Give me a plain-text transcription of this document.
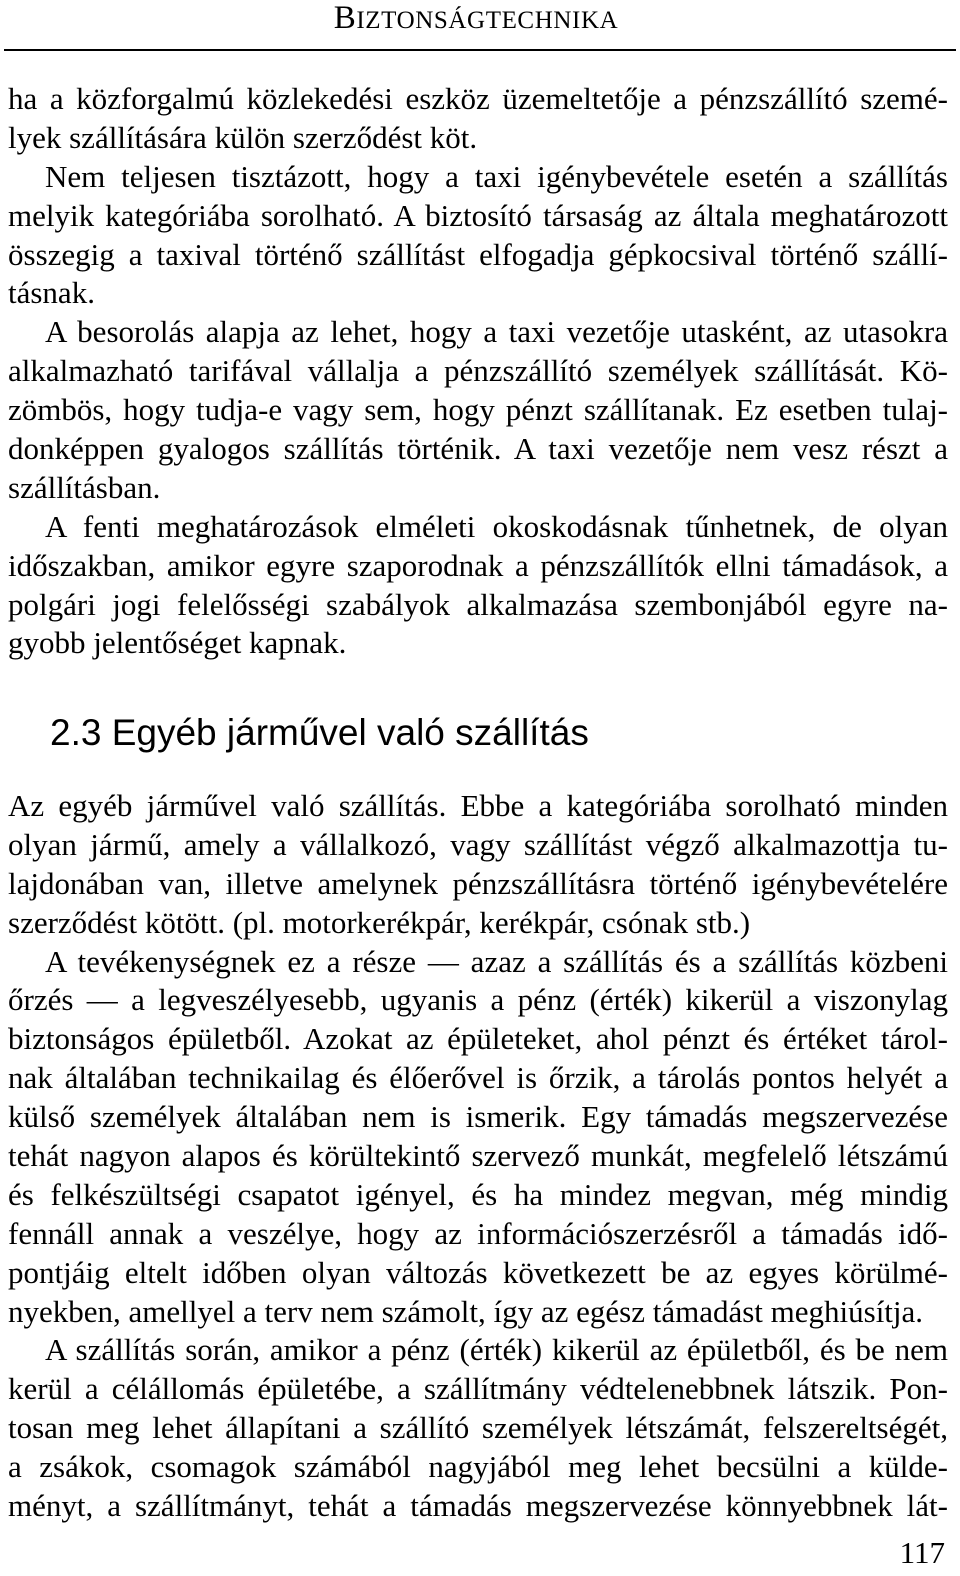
BIZTONSÁGTECHNIKA
ha a közforgalmú közlekedési eszköz üzemeltetője a pénzszállító szemé-
lyek szállítására külön szerződést köt.
Nem teljesen tisztázott, hogy a taxi igénybevétele esetén a szállítás
melyik kategóriába sorolható. A biztosító társaság az általa meghatározott
összegig a taxival történő szállítást elfogadja gépkocsival történő szállí-
tásnak.
A besorolás alapja az lehet, hogy a taxi vezetője utasként, az utasokra
alkalmazható tarifával vállalja a pénzszállító személyek szállítását. Kö-
zömbös, hogy tudja-e vagy sem, hogy pénzt szállítanak. Ez esetben tulaj-
donképpen gyalogos szállítás történik. A taxi vezetője nem vesz részt a
szállításban.
A fenti meghatározások elméleti okoskodásnak tűnhetnek, de olyan
időszakban, amikor egyre szaporodnak a pénzszállítók ellni támadások, a
polgári jogi felelősségi szabályok alkalmazása szembonjából egyre na-
gyobb jelentőséget kapnak.
2.3 Egyéb járművel való szállítás
Az egyéb járművel való szállítás. Ebbe a kategóriába sorolható minden
olyan jármű, amely a vállalkozó, vagy szállítást végző alkalmazottja tu-
lajdonában van, illetve amelynek pénzszállításra történő igénybevételére
szerződést kötött. (pl. motorkerékpár, kerékpár, csónak stb.)
A tevékenységnek ez a része — azaz a szállítás és a szállítás közbeni
őrzés — a legveszélyesebb, ugyanis a pénz (érték) kikerül a viszonylag
biztonságos épületből. Azokat az épületeket, ahol pénzt és értéket tárol-
nak általában technikailag és élőerővel is őrzik, a tárolás pontos helyét a
külső személyek általában nem is ismerik. Egy támadás megszervezése
tehát nagyon alapos és körültekintő szervező munkát, megfelelő létszámú
és felkészültségi csapatot igényel, és ha mindez megvan, még mindig
fennáll annak a veszélye, hogy az információszerzésről a támadás idő-
pontjáig eltelt időben olyan változás következett be az egyes körülmé-
nyekben, amellyel a terv nem számolt, így az egész támadást meghiúsítja.
A szállítás során, amikor a pénz (érték) kikerül az épületből, és be nem
kerül a célállomás épületébe, a szállítmány védtelenebbnek látszik. Pon-
tosan meg lehet állapítani a szállító személyek létszámát, felszereltségét,
a zsákok, csomagok számából nagyjából meg lehet becsülni a külde-
ményt, a szállítmányt, tehát a támadás megszervezése könnyebbnek lát-
117
